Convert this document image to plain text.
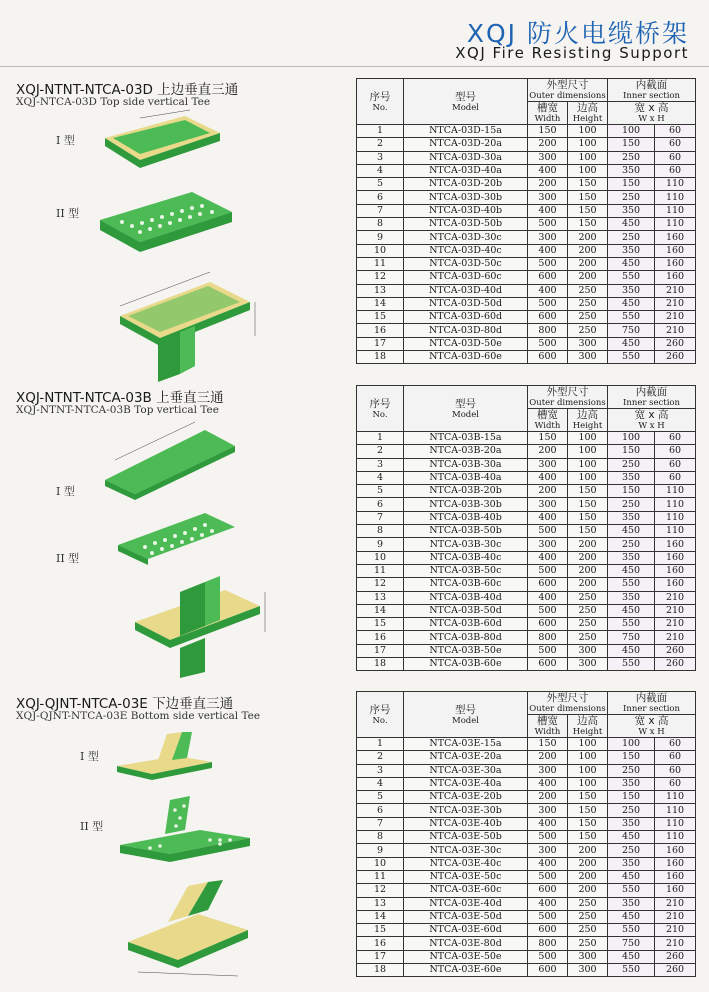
XQJ 防火电缆桥架
XQJ Fire Resisting Support
XQJ-NTNT-NTCA-03D 上边垂直三通
XQJ-NTCA-03D Top side vertical Tee
I 型
II 型
序号
No.	型号
Model	外型尺寸
Outer dimensions		内截面
Inner section	

		槽宽
Width	边高
Height	宽 x 高
W x H	

1	NTCA-03D-15a	150	100	100	60
2	NTCA-03D-20a	200	100	150	60
3	NTCA-03D-30a	300	100	250	60
4	NTCA-03D-40a	400	100	350	60
5	NTCA-03D-20b	200	150	150	110
6	NTCA-03D-30b	300	150	250	110
7	NTCA-03D-40b	400	150	350	110
8	NTCA-03D-50b	500	150	450	110
9	NTCA-03D-30c	300	200	250	160
10	NTCA-03D-40c	400	200	350	160
11	NTCA-03D-50c	500	200	450	160
12	NTCA-03D-60c	600	200	550	160
13	NTCA-03D-40d	400	250	350	210
14	NTCA-03D-50d	500	250	450	210
15	NTCA-03D-60d	600	250	550	210
16	NTCA-03D-80d	800	250	750	210
17	NTCA-03D-50e	500	300	450	260
18	NTCA-03D-60e	600	300	550	260
XQJ-NTNT-NTCA-03B 上垂直三通
XQJ-NTNT-NTCA-03B Top vertical Tee
I 型
II 型
序号
No.	型号
Model	外型尺寸
Outer dimensions		内截面
Inner section	

		槽宽
Width	边高
Height	宽 x 高
W x H	

1	NTCA-03B-15a	150	100	100	60
2	NTCA-03B-20a	200	100	150	60
3	NTCA-03B-30a	300	100	250	60
4	NTCA-03B-40a	400	100	350	60
5	NTCA-03B-20b	200	150	150	110
6	NTCA-03B-30b	300	150	250	110
7	NTCA-03B-40b	400	150	350	110
8	NTCA-03B-50b	500	150	450	110
9	NTCA-03B-30c	300	200	250	160
10	NTCA-03B-40c	400	200	350	160
11	NTCA-03B-50c	500	200	450	160
12	NTCA-03B-60c	600	200	550	160
13	NTCA-03B-40d	400	250	350	210
14	NTCA-03B-50d	500	250	450	210
15	NTCA-03B-60d	600	250	550	210
16	NTCA-03B-80d	800	250	750	210
17	NTCA-03B-50e	500	300	450	260
18	NTCA-03B-60e	600	300	550	260
XQJ-QJNT-NTCA-03E 下边垂直三通
XQJ-QJNT-NTCA-03E Bottom side vertical Tee
I 型
II 型
序号
No.	型号
Model	外型尺寸
Outer dimensions		内截面
Inner section	

		槽宽
Width	边高
Height	宽 x 高
W x H	

1	NTCA-03E-15a	150	100	100	60
2	NTCA-03E-20a	200	100	150	60
3	NTCA-03E-30a	300	100	250	60
4	NTCA-03E-40a	400	100	350	60
5	NTCA-03E-20b	200	150	150	110
6	NTCA-03E-30b	300	150	250	110
7	NTCA-03E-40b	400	150	350	110
8	NTCA-03E-50b	500	150	450	110
9	NTCA-03E-30c	300	200	250	160
10	NTCA-03E-40c	400	200	350	160
11	NTCA-03E-50c	500	200	450	160
12	NTCA-03E-60c	600	200	550	160
13	NTCA-03E-40d	400	250	350	210
14	NTCA-03E-50d	500	250	450	210
15	NTCA-03E-60d	600	250	550	210
16	NTCA-03E-80d	800	250	750	210
17	NTCA-03E-50e	500	300	450	260
18	NTCA-03E-60e	600	300	550	260
